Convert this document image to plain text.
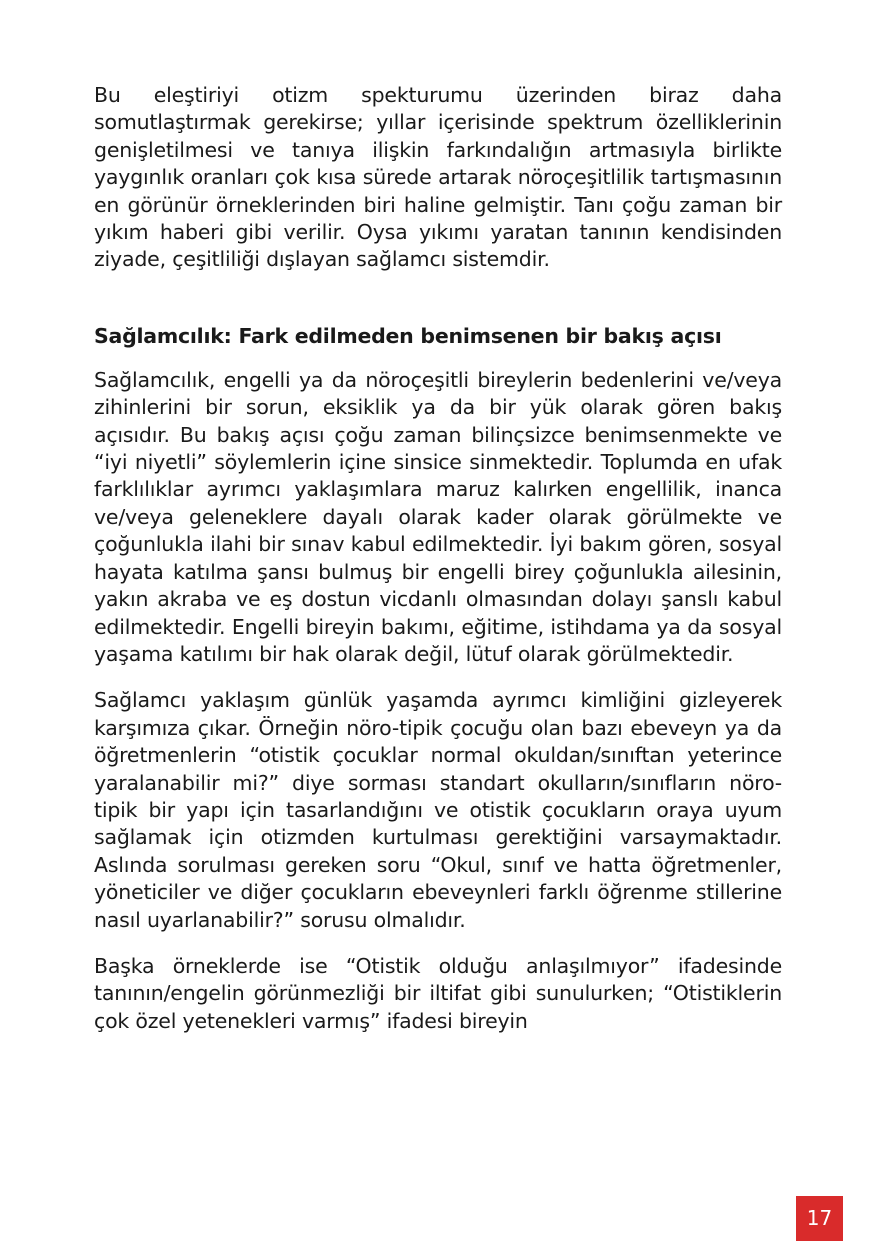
Bu eleştiriyi otizm spekturumu üzerinden biraz daha somutlaştırmak gerekirse; yıllar içerisinde spektrum özelliklerinin genişletilmesi ve tanıya ilişkin farkındalığın artmasıyla birlikte yaygınlık oranları çok kısa sürede artarak nöroçeşitlilik tartışmasının en görünür örneklerinden biri haline gelmiştir. Tanı çoğu zaman bir yıkım haberi gibi verilir. Oysa yıkımı yaratan tanının kendisinden ziyade, çeşitliliği dışlayan sağlamcı sistemdir.

Sağlamcılık: Fark edilmeden benimsenen bir bakış açısı

Sağlamcılık, engelli ya da nöroçeşitli bireylerin bedenlerini ve/veya zihinlerini bir sorun, eksiklik ya da bir yük olarak gören bakış açısıdır. Bu bakış açısı çoğu zaman bilinçsizce benimsenmekte ve “iyi niyetli” söylemlerin içine sinsice sinmektedir. Toplumda en ufak farklılıklar ayrımcı yaklaşımlara maruz kalırken engellilik, inanca ve/veya geleneklere dayalı olarak kader olarak görülmekte ve çoğunlukla ilahi bir sınav kabul edilmektedir. İyi bakım gören, sosyal hayata katılma şansı bulmuş bir engelli birey çoğunlukla ailesinin, yakın akraba ve eş dostun vicdanlı olmasından dolayı şanslı kabul edilmektedir. Engelli bireyin bakımı, eğitime, istihdama ya da sosyal yaşama katılımı bir hak olarak değil, lütuf olarak görülmektedir.

Sağlamcı yaklaşım günlük yaşamda ayrımcı kimliğini gizleyerek karşımıza çıkar. Örneğin nöro-tipik çocuğu olan bazı ebeveyn ya da öğretmenlerin “otistik çocuklar normal okuldan/sınıftan yeterince yaralanabilir mi?” diye sorması standart okulların/sınıfların nöro-tipik bir yapı için tasarlandığını ve otistik çocukların oraya uyum sağlamak için otizmden kurtulması gerektiğini varsaymaktadır. Aslında sorulması gereken soru “Okul, sınıf ve hatta öğretmenler, yöneticiler ve diğer çocukların ebeveynleri farklı öğrenme stillerine nasıl uyarlanabilir?” sorusu olmalıdır.

Başka örneklerde ise “Otistik olduğu anlaşılmıyor” ifadesinde tanının/engelin görünmezliği bir iltifat gibi sunulurken; “Otistiklerin çok özel yetenekleri varmış” ifadesi bireyin

17
